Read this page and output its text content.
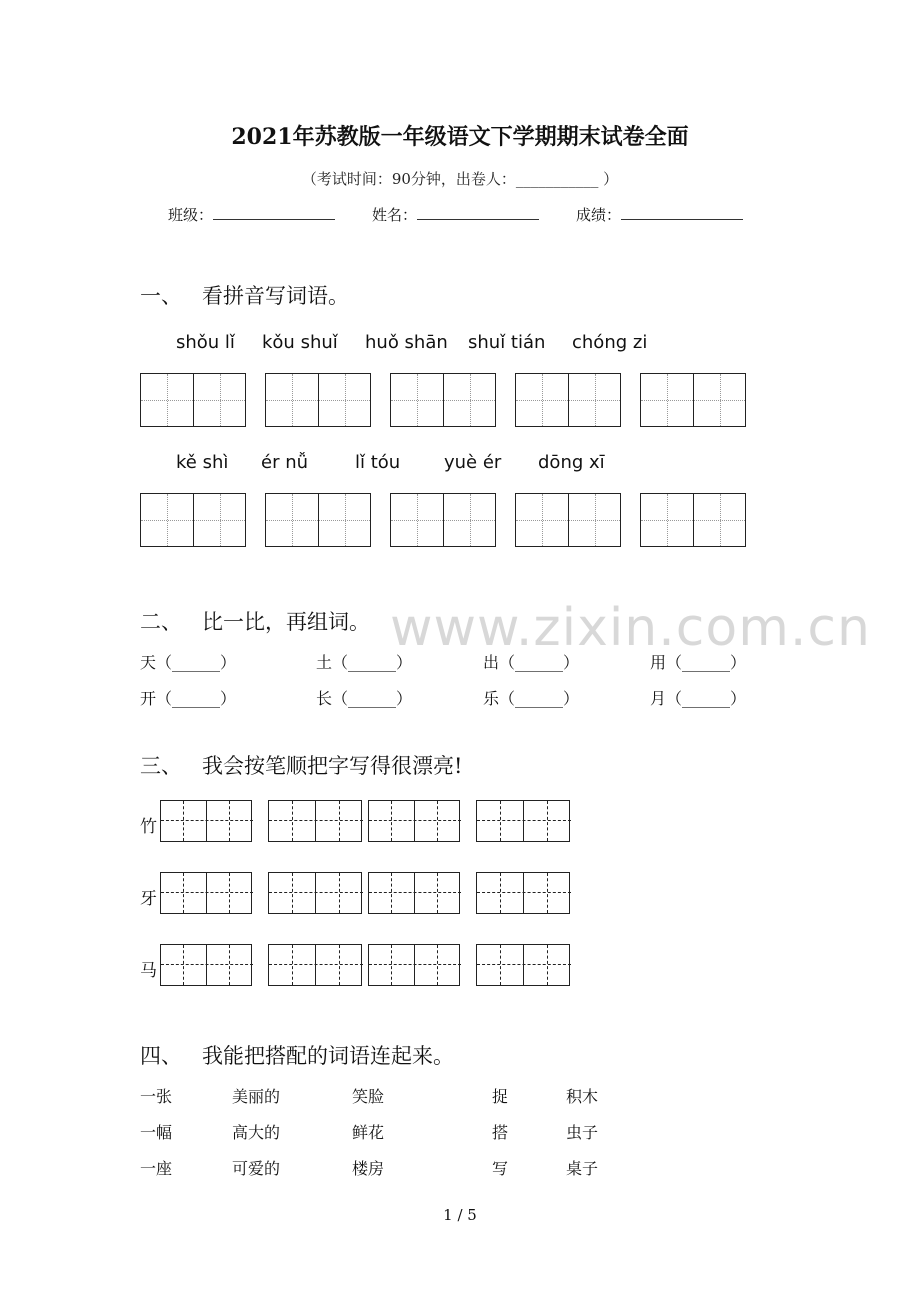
2021年苏教版一年级语文下学期期末试卷全面
（考试时间：90分钟，出卷人：___________ ）
班级：	姓名：	成绩：
www.zixin.com.cn
一、 看拼音写词语。
shǒu lǐ kǒu shuǐ huǒ shān shuǐ tián chóng zi
kě shì ér nǚ	lǐ tóu yuè ér dōng xī
二、 比一比，再组词。
天（______）	土（______）	出（______）	用（______）
开（______）	长（______）	乐（______）	月（______）
三、 我会按笔顺把字写得很漂亮!
竹
牙
马
四、 我能把搭配的词语连起来。
一张	美丽的	笑脸	捉	积木
一幅	高大的	鲜花	搭	虫子
一座	可爱的	楼房	写	桌子
1 / 5
